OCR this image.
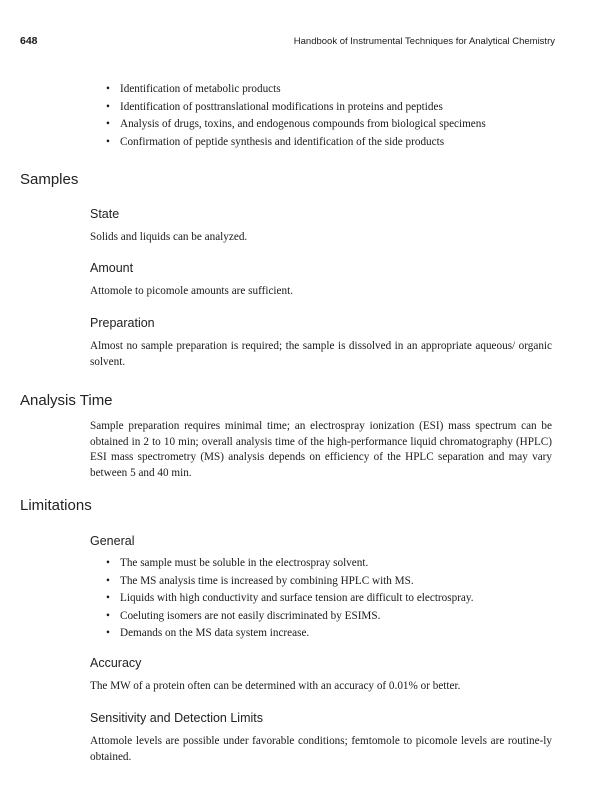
648	Handbook of Instrumental Techniques for Analytical Chemistry
• Identification of metabolic products
• Identification of posttranslational modifications in proteins and peptides
• Analysis of drugs, toxins, and endogenous compounds from biological specimens
• Confirmation of peptide synthesis and identification of the side products
Samples
State

Solids and liquids can be analyzed.

Amount

Attomole to picomole amounts are sufficient.

Preparation

Almost no sample preparation is required; the sample is dissolved in an appropriate aqueous/ organic solvent.

Analysis Time

Sample preparation requires minimal time; an electrospray ionization (ESI) mass spectrum can be obtained in 2 to 10 min; overall analysis time of the high-performance liquid chromatography (HPLC) ESI mass spectrometry (MS) analysis depends on efficiency of the HPLC separation and may vary between 5 and 40 min.

Limitations
General
• The sample must be soluble in the electrospray solvent.
• The MS analysis time is increased by combining HPLC with MS.
• Liquids with high conductivity and surface tension are difficult to electrospray.
• Coeluting isomers are not easily discriminated by ESIMS.
• Demands on the MS data system increase.
Accuracy

The MW of a protein often can be determined with an accuracy of 0.01% or better.

Sensitivity and Detection Limits

Attomole levels are possible under favorable conditions; femtomole to picomole levels are routine-ly obtained.
